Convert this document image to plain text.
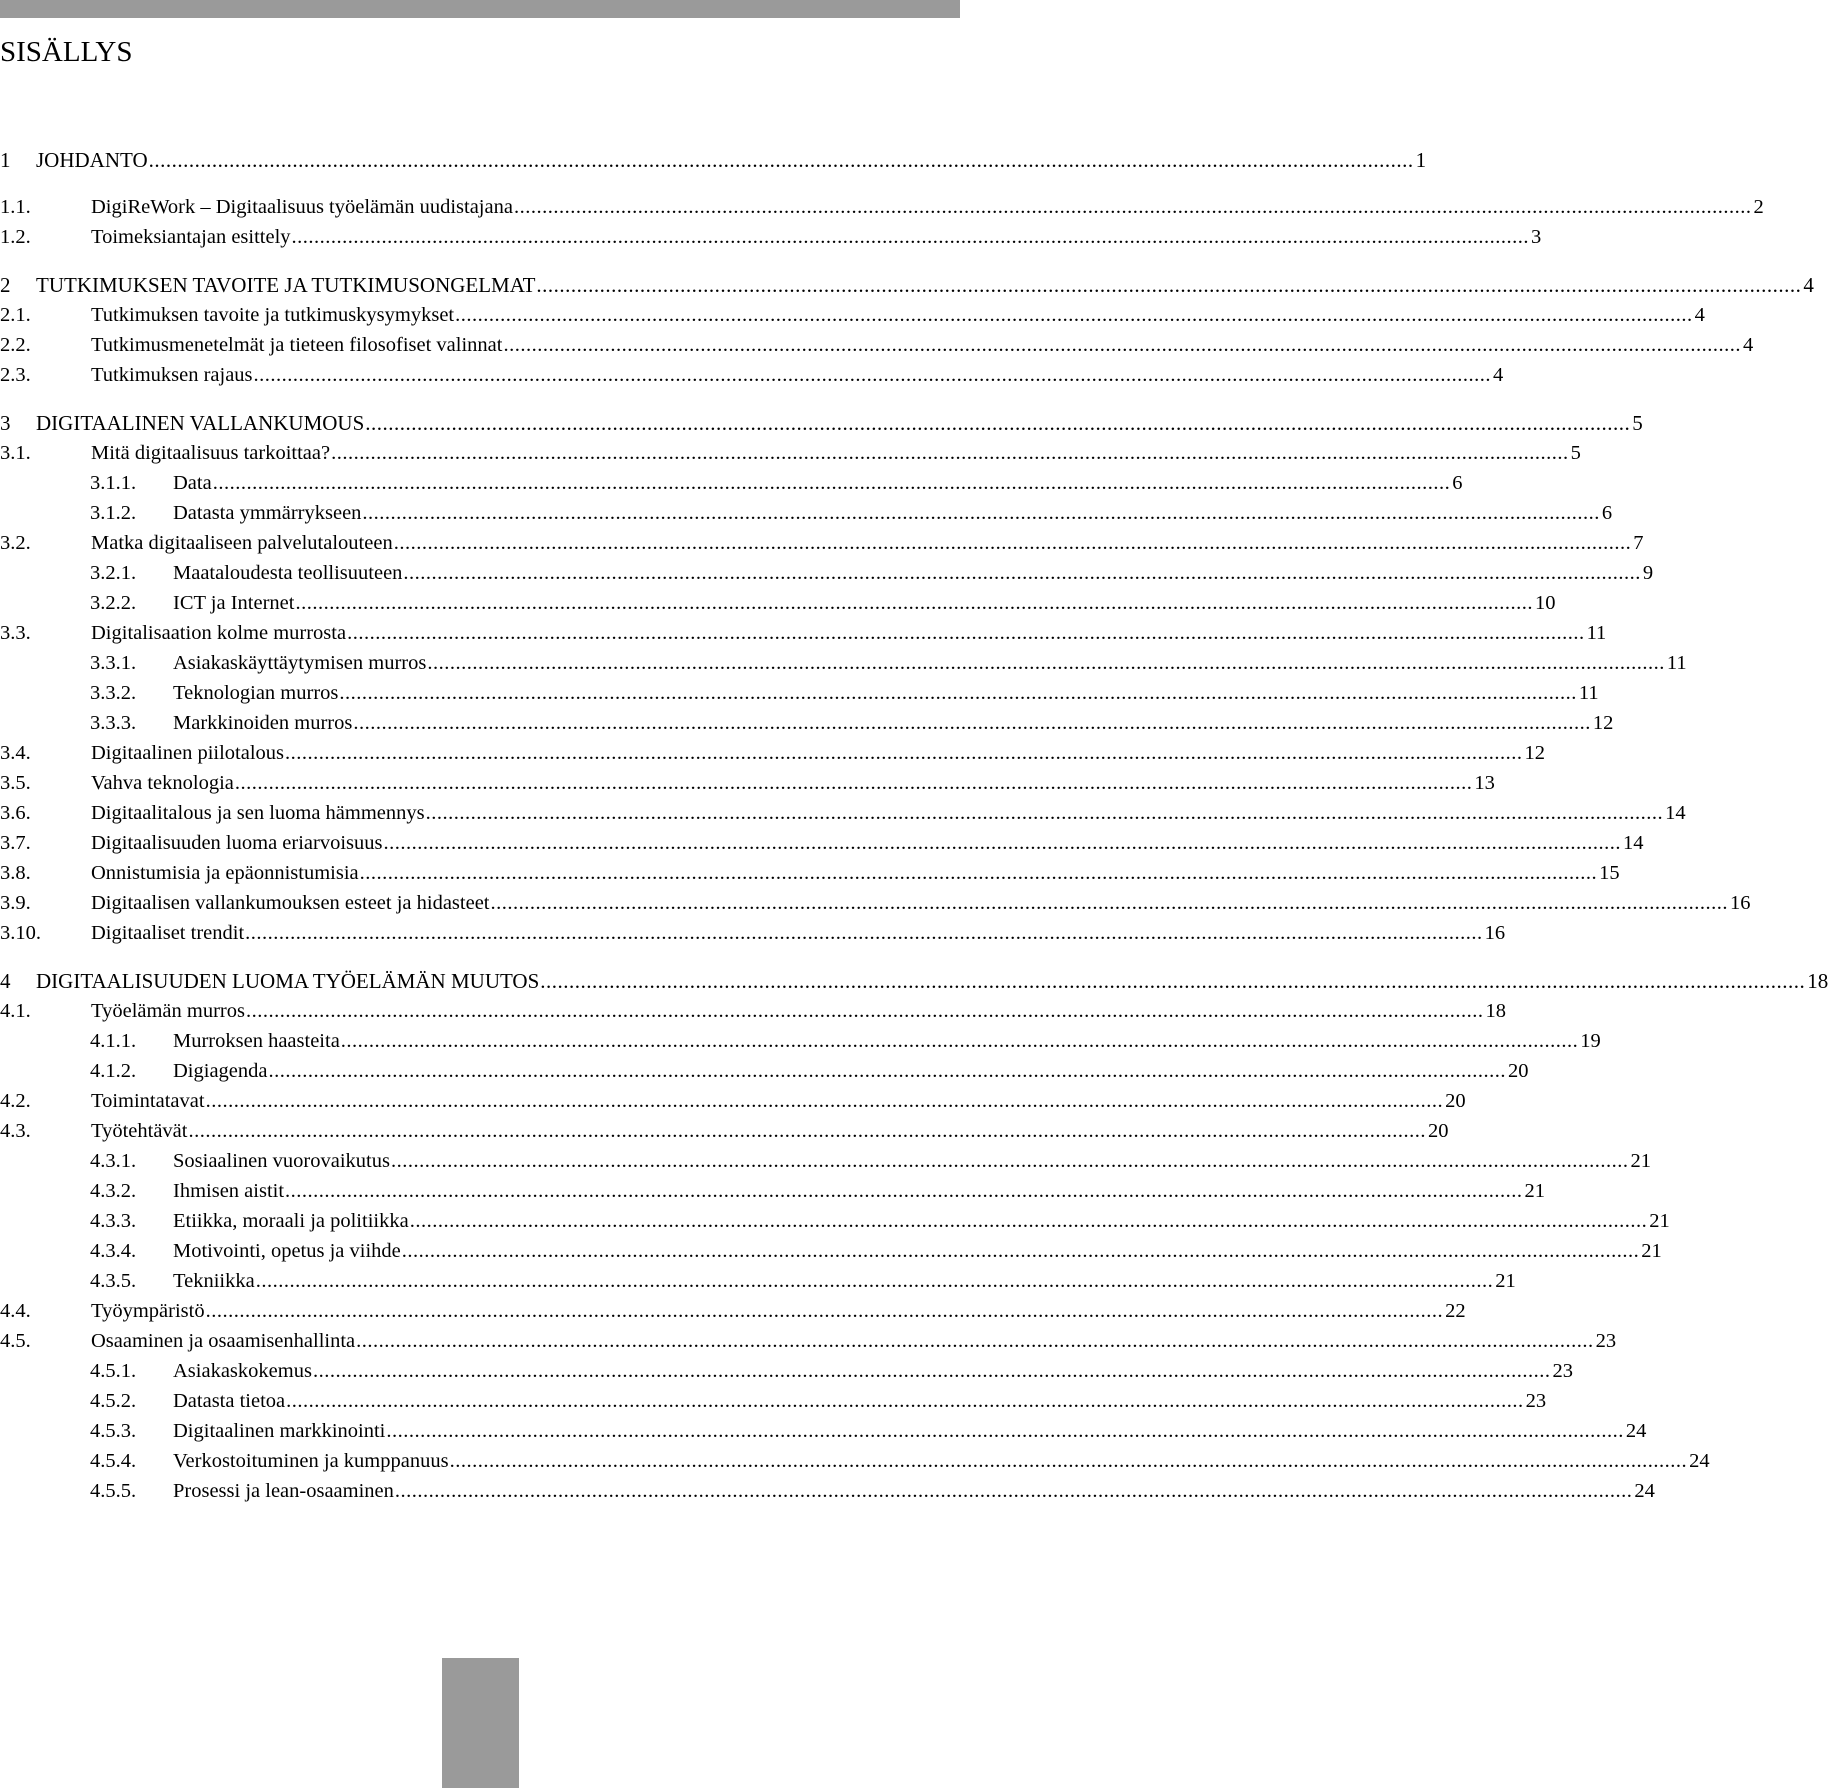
SISÄLLYS
1	JOHDANTO ............................................................................................................................................................................................................................ 1
1.1.	DigiReWork – Digitaalisuus työelämän uudistajana ............................................................................................................................................................................................................................ 2
1.2.	Toimeksiantajan esittely ............................................................................................................................................................................................................................ 3
2	TUTKIMUKSEN TAVOITE JA TUTKIMUSONGELMAT ............................................................................................................................................................................................................................ 4
2.1.	Tutkimuksen tavoite ja tutkimuskysymykset ............................................................................................................................................................................................................................ 4
2.2.	Tutkimusmenetelmät ja tieteen filosofiset valinnat ............................................................................................................................................................................................................................ 4
2.3.	Tutkimuksen rajaus ............................................................................................................................................................................................................................ 4
3	DIGITAALINEN VALLANKUMOUS ............................................................................................................................................................................................................................ 5
3.1.	Mitä digitaalisuus tarkoittaa? ............................................................................................................................................................................................................................ 5
3.1.1.	Data ............................................................................................................................................................................................................................ 6
3.1.2.	Datasta ymmärrykseen ............................................................................................................................................................................................................................ 6
3.2.	Matka digitaaliseen palvelutalouteen ............................................................................................................................................................................................................................ 7
3.2.1.	Maataloudesta teollisuuteen ............................................................................................................................................................................................................................ 9
3.2.2.	ICT ja Internet ............................................................................................................................................................................................................................ 10
3.3.	Digitalisaation kolme murrosta ............................................................................................................................................................................................................................ 11
3.3.1.	Asiakaskäyttäytymisen murros ............................................................................................................................................................................................................................ 11
3.3.2.	Teknologian murros ............................................................................................................................................................................................................................ 11
3.3.3.	Markkinoiden murros ............................................................................................................................................................................................................................ 12
3.4.	Digitaalinen piilotalous ............................................................................................................................................................................................................................ 12
3.5.	Vahva teknologia ............................................................................................................................................................................................................................ 13
3.6.	Digitaalitalous ja sen luoma hämmennys ............................................................................................................................................................................................................................ 14
3.7.	Digitaalisuuden luoma eriarvoisuus ............................................................................................................................................................................................................................ 14
3.8.	Onnistumisia ja epäonnistumisia ............................................................................................................................................................................................................................ 15
3.9.	Digitaalisen vallankumouksen esteet ja hidasteet ............................................................................................................................................................................................................................ 16
3.10.	Digitaaliset trendit ............................................................................................................................................................................................................................ 16
4	DIGITAALISUUDEN LUOMA TYÖELÄMÄN MUUTOS ............................................................................................................................................................................................................................ 18
4.1.	Työelämän murros ............................................................................................................................................................................................................................ 18
4.1.1.	Murroksen haasteita ............................................................................................................................................................................................................................ 19
4.1.2.	Digiagenda ............................................................................................................................................................................................................................ 20
4.2.	Toimintatavat ............................................................................................................................................................................................................................ 20
4.3.	Työtehtävät ............................................................................................................................................................................................................................ 20
4.3.1.	Sosiaalinen vuorovaikutus ............................................................................................................................................................................................................................ 21
4.3.2.	Ihmisen aistit ............................................................................................................................................................................................................................ 21
4.3.3.	Etiikka, moraali ja politiikka ............................................................................................................................................................................................................................ 21
4.3.4.	Motivointi, opetus ja viihde ............................................................................................................................................................................................................................ 21
4.3.5.	Tekniikka ............................................................................................................................................................................................................................ 21
4.4.	Työympäristö ............................................................................................................................................................................................................................ 22
4.5.	Osaaminen ja osaamisenhallinta ............................................................................................................................................................................................................................ 23
4.5.1.	Asiakaskokemus ............................................................................................................................................................................................................................ 23
4.5.2.	Datasta tietoa ............................................................................................................................................................................................................................ 23
4.5.3.	Digitaalinen markkinointi ............................................................................................................................................................................................................................ 24
4.5.4.	Verkostoituminen ja kumppanuus ............................................................................................................................................................................................................................ 24
4.5.5.	Prosessi ja lean-osaaminen ............................................................................................................................................................................................................................ 24
